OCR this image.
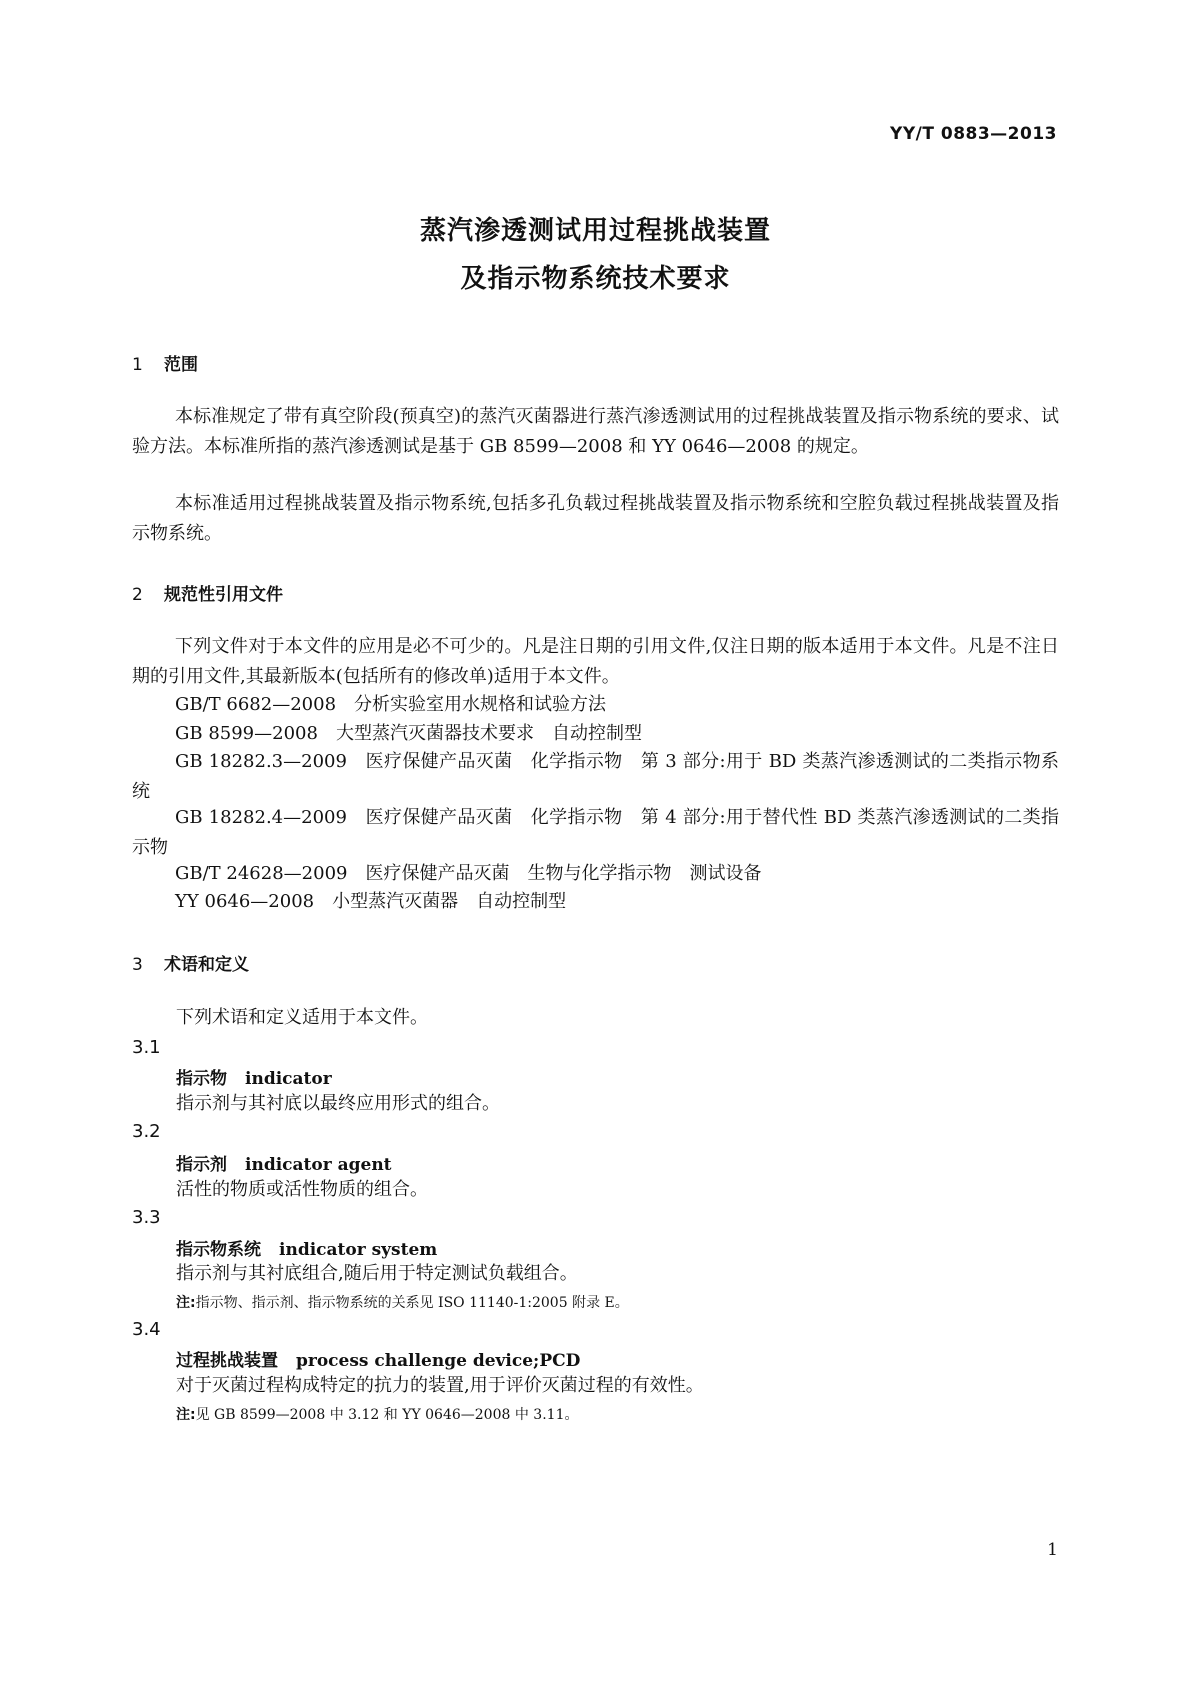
YY/T 0883—2013
蒸汽渗透测试用过程挑战装置
及指示物系统技术要求
1 范围
本标准规定了带有真空阶段(预真空)的蒸汽灭菌器进行蒸汽渗透测试用的过程挑战装置及指示物系统的要求、试验方法。本标准所指的蒸汽渗透测试是基于 GB 8599—2008 和 YY 0646—2008 的规定。
本标准适用过程挑战装置及指示物系统,包括多孔负载过程挑战装置及指示物系统和空腔负载过程挑战装置及指示物系统。
2 规范性引用文件
下列文件对于本文件的应用是必不可少的。凡是注日期的引用文件,仅注日期的版本适用于本文件。凡是不注日期的引用文件,其最新版本(包括所有的修改单)适用于本文件。
GB/T 6682—2008　分析实验室用水规格和试验方法
GB 8599—2008　大型蒸汽灭菌器技术要求　自动控制型
GB 18282.3—2009　医疗保健产品灭菌　化学指示物　第 3 部分:用于 BD 类蒸汽渗透测试的二类指示物系统
GB 18282.4—2009　医疗保健产品灭菌　化学指示物　第 4 部分:用于替代性 BD 类蒸汽渗透测试的二类指示物
GB/T 24628—2009　医疗保健产品灭菌　生物与化学指示物　测试设备
YY 0646—2008　小型蒸汽灭菌器　自动控制型
3 术语和定义
下列术语和定义适用于本文件。
3.1
指示物 indicator
指示剂与其衬底以最终应用形式的组合。
3.2
指示剂 indicator agent
活性的物质或活性物质的组合。
3.3
指示物系统 indicator system
指示剂与其衬底组合,随后用于特定测试负载组合。
注:指示物、指示剂、指示物系统的关系见 ISO 11140-1:2005 附录 E。
3.4
过程挑战装置 process challenge device;PCD
对于灭菌过程构成特定的抗力的装置,用于评价灭菌过程的有效性。
注:见 GB 8599—2008 中 3.12 和 YY 0646—2008 中 3.11。
1
